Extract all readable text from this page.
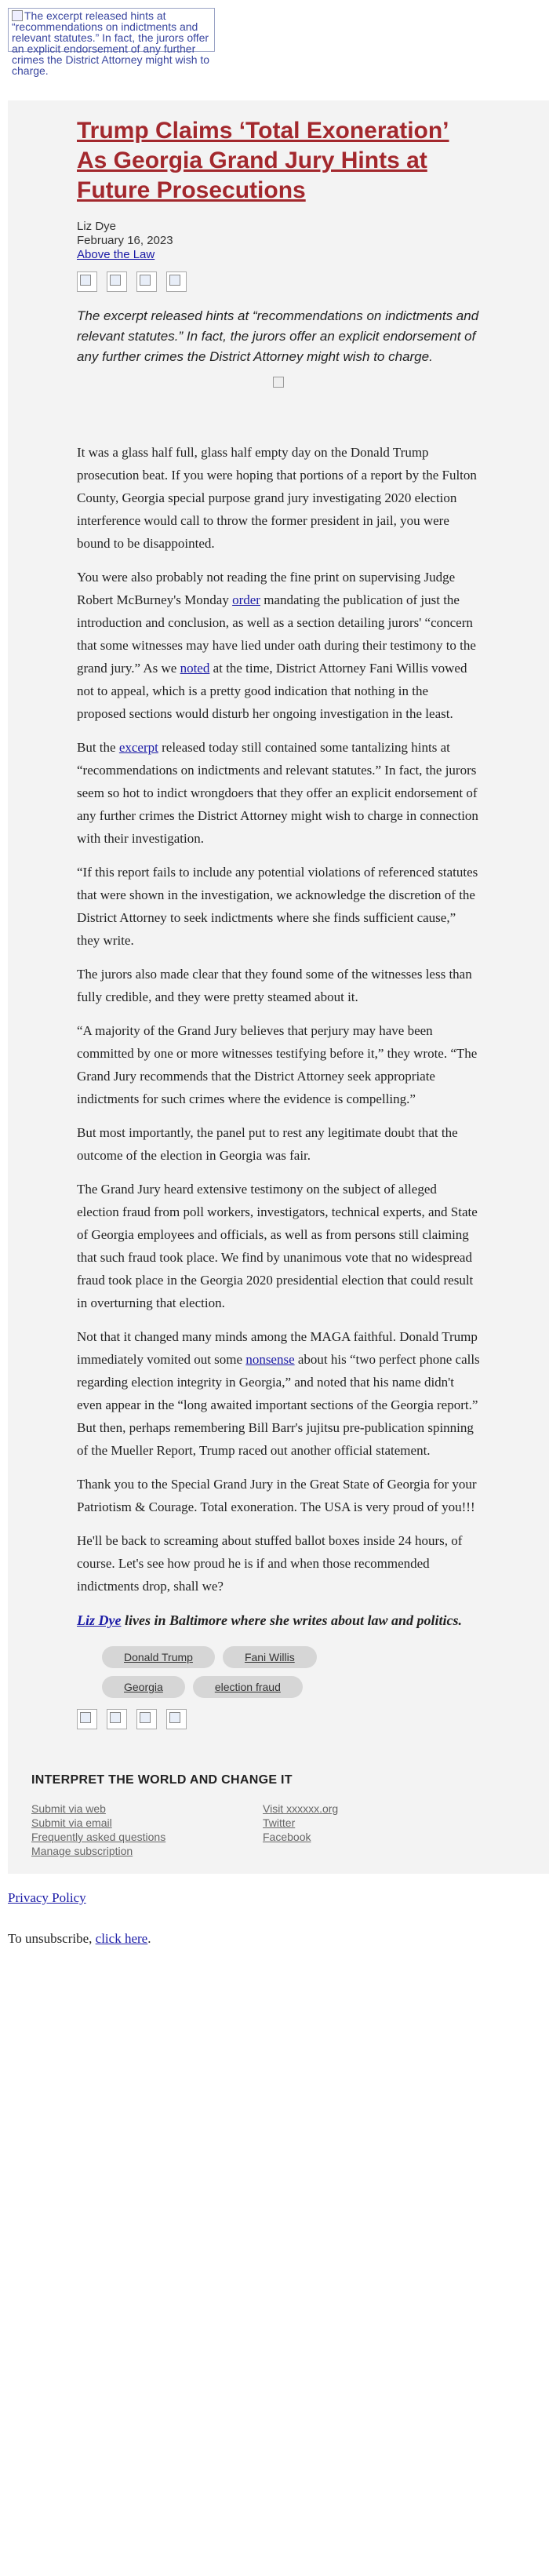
The excerpt released hints at “recommendations on indictments and relevant statutes.” In fact, the jurors offer an explicit endorsement of any further crimes the District Attorney might wish to charge.
Trump Claims ‘Total Exoneration’ As Georgia Grand Jury Hints at Future Prosecutions
Liz Dye
February 16, 2023
Above the Law
The excerpt released hints at “recommendations on indictments and relevant statutes.” In fact, the jurors offer an explicit endorsement of any further crimes the District Attorney might wish to charge.

It was a glass half full, glass half empty day on the Donald Trump prosecution beat. If you were hoping that portions of a report by the Fulton County, Georgia special purpose grand jury investigating 2020 election interference would call to throw the former president in jail, you were bound to be disappointed.

You were also probably not reading the fine print on supervising Judge Robert McBurney's Monday order mandating the publication of just the introduction and conclusion, as well as a section detailing jurors' “concern that some witnesses may have lied under oath during their testimony to the grand jury.” As we noted at the time, District Attorney Fani Willis vowed not to appeal, which is a pretty good indication that nothing in the proposed sections would disturb her ongoing investigation in the least.

But the excerpt released today still contained some tantalizing hints at “recommendations on indictments and relevant statutes.” In fact, the jurors seem so hot to indict wrongdoers that they offer an explicit endorsement of any further crimes the District Attorney might wish to charge in connection with their investigation.

“If this report fails to include any potential violations of referenced statutes that were shown in the investigation, we acknowledge the discretion of the District Attorney to seek indictments where she finds sufficient cause,” they write.

The jurors also made clear that they found some of the witnesses less than fully credible, and they were pretty steamed about it.

“A majority of the Grand Jury believes that perjury may have been committed by one or more witnesses testifying before it,” they wrote. “The Grand Jury recommends that the District Attorney seek appropriate indictments for such crimes where the evidence is compelling.”

But most importantly, the panel put to rest any legitimate doubt that the outcome of the election in Georgia was fair.

The Grand Jury heard extensive testimony on the subject of alleged election fraud from poll workers, investigators, technical experts, and State of Georgia employees and officials, as well as from persons still claiming that such fraud took place. We find by unanimous vote that no widespread fraud took place in the Georgia 2020 presidential election that could result in overturning that election.

Not that it changed many minds among the MAGA faithful. Donald Trump immediately vomited out some nonsense about his “two perfect phone calls regarding election integrity in Georgia,” and noted that his name didn't even appear in the “long awaited important sections of the Georgia report.” But then, perhaps remembering Bill Barr's jujitsu pre-publication spinning of the Mueller Report, Trump raced out another official statement.

Thank you to the Special Grand Jury in the Great State of Georgia for your Patriotism & Courage. Total exoneration. The USA is very proud of you!!!

He'll be back to screaming about stuffed ballot boxes inside 24 hours, of course. Let's see how proud he is if and when those recommended indictments drop, shall we?

Liz Dye lives in Baltimore where she writes about law and politics.
Donald Trump	Fani Willis
Georgia	election fraud
INTERPRET THE WORLD AND CHANGE IT
Submit via web
Submit via email
Frequently asked questions
Manage subscription
Visit xxxxxx.org
Twitter
Facebook
Privacy Policy
To unsubscribe, click here.
